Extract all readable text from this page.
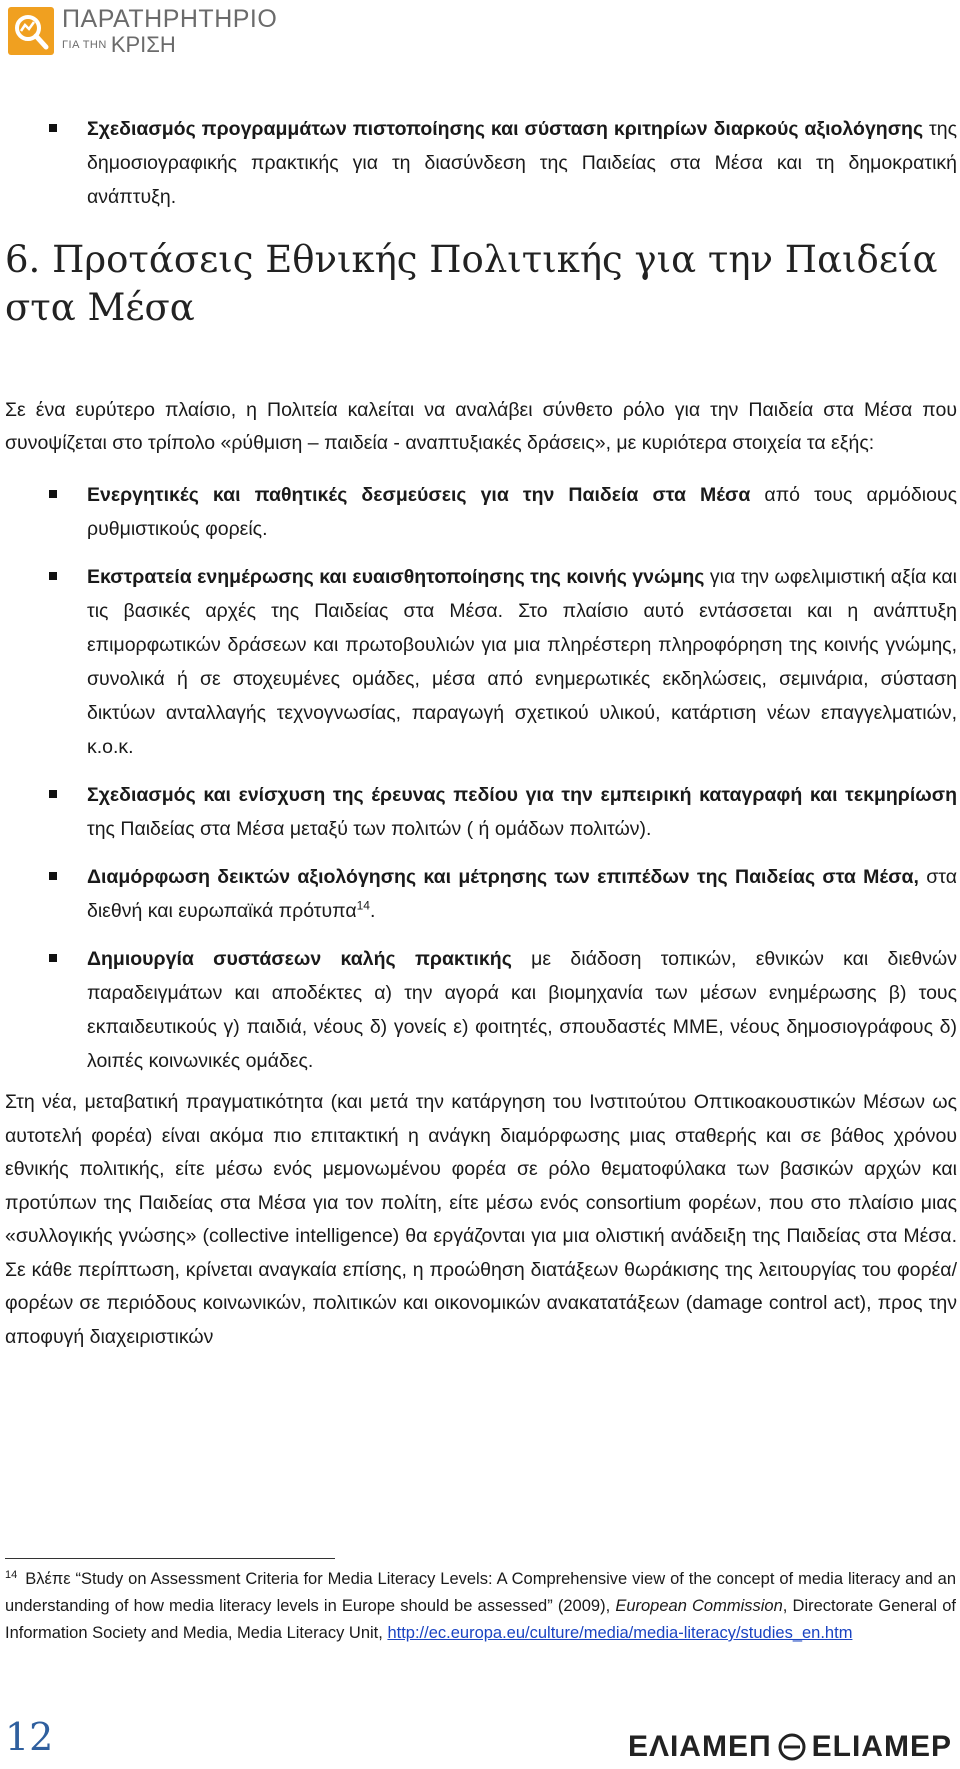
ΠΑΡΑΤΗΡΗΤΗΡΙΟ
ΓΙΑ ΤΗΝ ΚΡΙΣΗ
Σχεδιασμός προγραμμάτων πιστοποίησης και σύσταση κριτηρίων διαρκούς αξιολόγησης της δημοσιογραφικής πρακτικής για τη διασύνδεση της Παιδείας στα Μέσα και τη δημοκρατική ανάπτυξη.
6. Προτάσεις Εθνικής Πολιτικής για την Παιδεία στα Μέσα

Σε ένα ευρύτερο πλαίσιο, η Πολιτεία καλείται να αναλάβει σύνθετο ρόλο για την Παιδεία στα Μέσα που συνοψίζεται στο τρίπολο «ρύθμιση – παιδεία - αναπτυξιακές δράσεις», με κυριότερα στοιχεία τα εξής:

Ενεργητικές και παθητικές δεσμεύσεις για την Παιδεία στα Μέσα από τους αρμόδιους ρυθμιστικούς φορείς.
Εκστρατεία ενημέρωσης και ευαισθητοποίησης της κοινής γνώμης για την ωφελιμιστική αξία και τις βασικές αρχές της Παιδείας στα Μέσα. Στο πλαίσιο αυτό εντάσσεται και η ανάπτυξη επιμορφωτικών δράσεων και πρωτοβουλιών για μια πληρέστερη πληροφόρηση της κοινής γνώμης, συνολικά ή σε στοχευμένες ομάδες, μέσα από ενημερωτικές εκδηλώσεις, σεμινάρια, σύσταση δικτύων ανταλλαγής τεχνογνωσίας, παραγωγή σχετικού υλικού, κατάρτιση νέων επαγγελματιών, κ.ο.κ.
Σχεδιασμός και ενίσχυση της έρευνας πεδίου για την εμπειρική καταγραφή και τεκμηρίωση της Παιδείας στα Μέσα μεταξύ των πολιτών ( ή ομάδων πολιτών).
Διαμόρφωση δεικτών αξιολόγησης και μέτρησης των επιπέδων της Παιδείας στα Μέσα, στα διεθνή και ευρωπαϊκά πρότυπα$^{14}$.
Δημιουργία συστάσεων καλής πρακτικής με διάδοση τοπικών, εθνικών και διεθνών παραδειγμάτων και αποδέκτες α) την αγορά και βιομηχανία των μέσων ενημέρωσης β) τους εκπαιδευτικούς γ) παιδιά, νέους δ) γονείς ε) φοιτητές, σπουδαστές ΜΜΕ, νέους δημοσιογράφους δ) λοιπές κοινωνικές ομάδες.

Στη νέα, μεταβατική πραγματικότητα (και μετά την κατάργηση του Ινστιτούτου Οπτικοακουστικών Μέσων ως αυτοτελή φορέα) είναι ακόμα πιο επιτακτική η ανάγκη διαμόρφωσης μιας σταθερής και σε βάθος χρόνου εθνικής πολιτικής, είτε μέσω ενός μεμονωμένου φορέα σε ρόλο θεματοφύλακα των βασικών αρχών και προτύπων της Παιδείας στα Μέσα για τον πολίτη, είτε μέσω ενός consortium φορέων, που στο πλαίσιο μιας «συλλογικής γνώσης» (collective intelligence) θα εργάζονται για μια ολιστική ανάδειξη της Παιδείας στα Μέσα. Σε κάθε περίπτωση, κρίνεται αναγκαία επίσης, η προώθηση διατάξεων θωράκισης της λειτουργίας του φορέα/φορέων σε περιόδους κοινωνικών, πολιτικών και οικονομικών ανακατατάξεων (damage control act), προς την αποφυγή διαχειριστικών

$^{14}$ Βλέπε “Study on Assessment Criteria for Media Literacy Levels: A Comprehensive view of the concept of media literacy and an understanding of how media literacy levels in Europe should be assessed” (2009), European Commission, Directorate General of Information Society and Media, Media Literacy Unit, http://ec.europa.eu/culture/media/media-literacy/studies_en.htm
12	ΕΛΙΑΜΕΠ ELIAMEP
